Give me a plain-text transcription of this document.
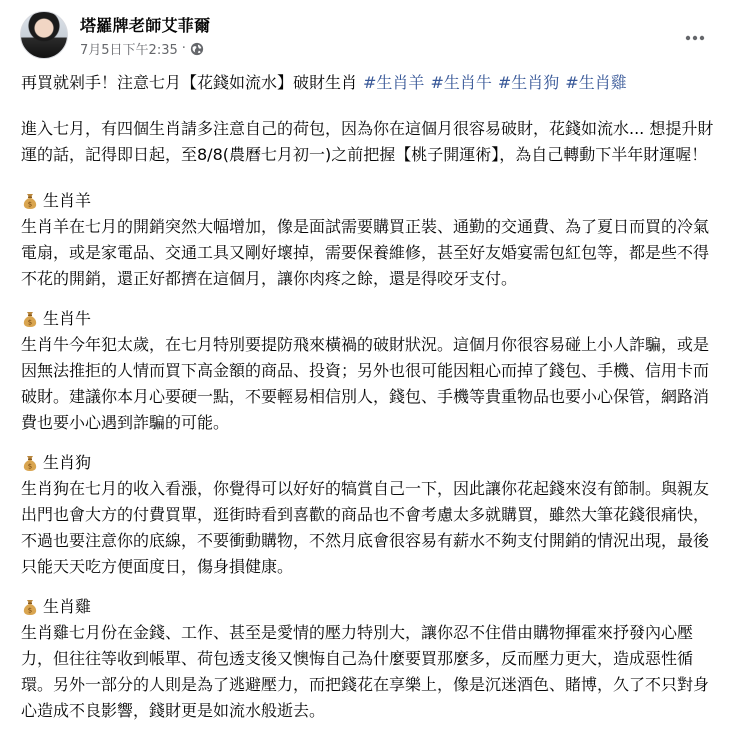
塔羅牌老師艾菲爾
7月5日下午2:35 ·

再買就剁手！注意七月【花錢如流水】破財生肖 #生肖羊 #生肖牛 #生肖狗 #生肖雞

進入七月，有四個生肖請多注意自己的荷包，因為你在這個月很容易破財，花錢如流水... 想提升財運的話，記得即日起，至8/8(農曆七月初一)之前把握【桃子開運術】，為自己轉動下半年財運喔！

$ 生肖羊

生肖羊在七月的開銷突然大幅增加，像是面試需要購買正裝、通勤的交通費、為了夏日而買的冷氣電扇，或是家電品、交通工具又剛好壞掉，需要保養維修，甚至好友婚宴需包紅包等，都是些不得不花的開銷，還正好都擠在這個月，讓你肉疼之餘，還是得咬牙支付。

$ 生肖牛

生肖牛今年犯太歲，在七月特別要提防飛來橫禍的破財狀況。這個月你很容易碰上小人詐騙，或是因無法推拒的人情而買下高金額的商品、投資；另外也很可能因粗心而掉了錢包、手機、信用卡而破財。建議你本月心要硬一點，不要輕易相信別人，錢包、手機等貴重物品也要小心保管，網路消費也要小心遇到詐騙的可能。

$ 生肖狗

生肖狗在七月的收入看漲，你覺得可以好好的犒賞自己一下，因此讓你花起錢來沒有節制。與親友出門也會大方的付費買單，逛街時看到喜歡的商品也不會考慮太多就購買，雖然大筆花錢很痛快，不過也要注意你的底線，不要衝動購物，不然月底會很容易有薪水不夠支付開銷的情況出現，最後只能天天吃方便面度日，傷身損健康。

$ 生肖雞

生肖雞七月份在金錢、工作、甚至是愛情的壓力特別大，讓你忍不住借由購物揮霍來抒發內心壓力，但往往等收到帳單、荷包透支後又懊悔自己為什麼要買那麼多，反而壓力更大，造成惡性循環。另外一部分的人則是為了逃避壓力，而把錢花在享樂上，像是沉迷酒色、賭博，久了不只對身心造成不良影響，錢財更是如流水般逝去。
